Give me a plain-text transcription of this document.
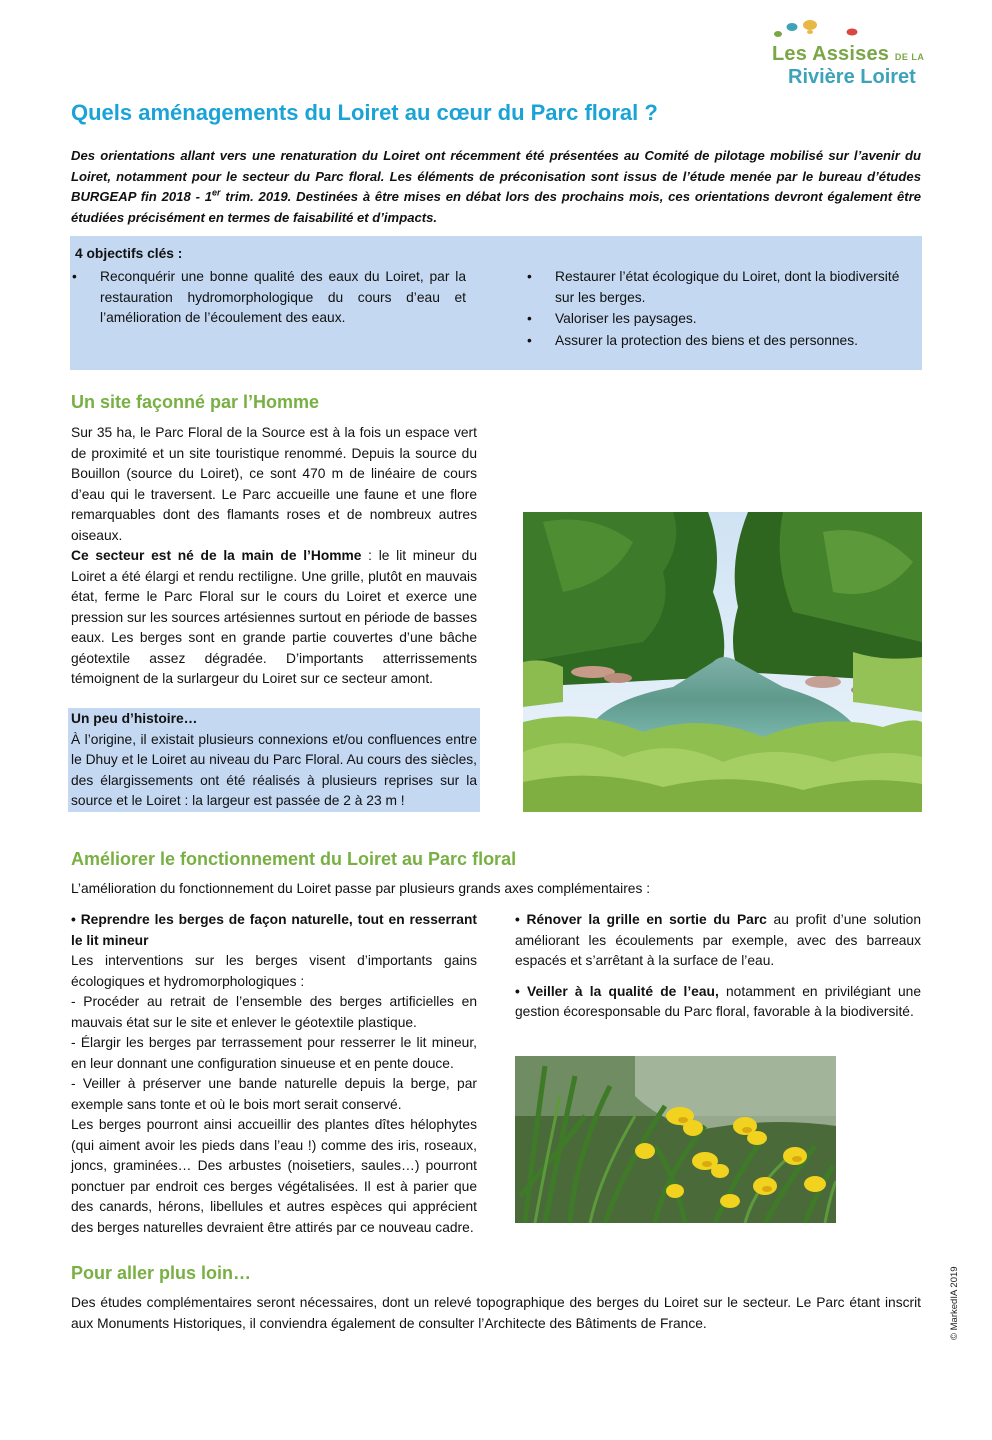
Les Assises DE LA
Rivière Loiret
Quels aménagements du Loiret au cœur du Parc floral ?
Des orientations allant vers une renaturation du Loiret ont récemment été présentées au Comité de pilotage mobilisé sur l’avenir du Loiret, notamment pour le secteur du Parc floral. Les éléments de préconisation sont issus de l’étude menée par le bureau d’études BURGEAP fin 2018 - 1er trim. 2019. Destinées à être mises en débat lors des prochains mois, ces orientations devront également être étudiées précisément en termes de faisabilité et d’impacts.
4 objectifs clés :
• Reconquérir une bonne qualité des eaux du Loiret, par la restauration hydromorphologique du cours d’eau et l’amélioration de l’écoulement des eaux.
• Restaurer l’état écologique du Loiret, dont la biodiversité sur les berges.
• Valoriser les paysages.
• Assurer la protection des biens et des personnes.
Un site façonné par l’Homme

Sur 35 ha, le Parc Floral de la Source est à la fois un espace vert de proximité et un site touristique renommé. Depuis la source du Bouillon (source du Loiret), ce sont 470 m de linéaire de cours d’eau qui le traversent. Le Parc accueille une faune et une flore remarquables dont des flamants roses et de nombreux autres oiseaux.

Ce secteur est né de la main de l’Homme : le lit mineur du Loiret a été élargi et rendu rectiligne. Une grille, plutôt en mauvais état, ferme le Parc Floral sur le cours du Loiret et exerce une pression sur les sources artésiennes surtout en période de basses eaux. Les berges sont en grande partie couvertes d’une bâche géotextile assez dégradée. D’importants atterrissements témoignent de la surlargeur du Loiret sur ce secteur amont.

Un peu d’histoire…
À l’origine, il existait plusieurs connexions et/ou confluences entre le Dhuy et le Loiret au niveau du Parc Floral. Au cours des siècles, des élargissements ont été réalisés à plusieurs reprises sur la source et le Loiret : la largeur est passée de 2 à 23 m !
Améliorer le fonctionnement du Loiret au Parc floral
L’amélioration du fonctionnement du Loiret passe par plusieurs grands axes complémentaires :

• Reprendre les berges de façon naturelle, tout en resserrant le lit mineur

Les interventions sur les berges visent d’importants gains écologiques et hydromorphologiques :

- Procéder au retrait de l’ensemble des berges artificielles en mauvais état sur le site et enlever le géotextile plastique.

- Élargir les berges par terrassement pour resserrer le lit mineur, en leur donnant une configuration sinueuse et en pente douce.

- Veiller à préserver une bande naturelle depuis la berge, par exemple sans tonte et où le bois mort serait conservé.

Les berges pourront ainsi accueillir des plantes dîtes hélophytes (qui aiment avoir les pieds dans l’eau !) comme des iris, roseaux, joncs, graminées… Des arbustes (noisetiers, saules…) pourront ponctuer par endroit ces berges végétalisées. Il est à parier que des canards, hérons, libellules et autres espèces qui apprécient des berges naturelles devraient être attirés par ce nouveau cadre.

• Rénover la grille en sortie du Parc au profit d’une solution améliorant les écoulements par exemple, avec des barreaux espacés et s’arrêtant à la surface de l’eau.

• Veiller à la qualité de l’eau, notamment en privilégiant une gestion écoresponsable du Parc floral, favorable à la biodiversité.

Pour aller plus loin…
Des études complémentaires seront nécessaires, dont un relevé topographique des berges du Loiret sur le secteur. Le Parc étant inscrit aux Monuments Historiques, il conviendra également de consulter l’Architecte des Bâtiments de France.	© MarkedIA 2019
